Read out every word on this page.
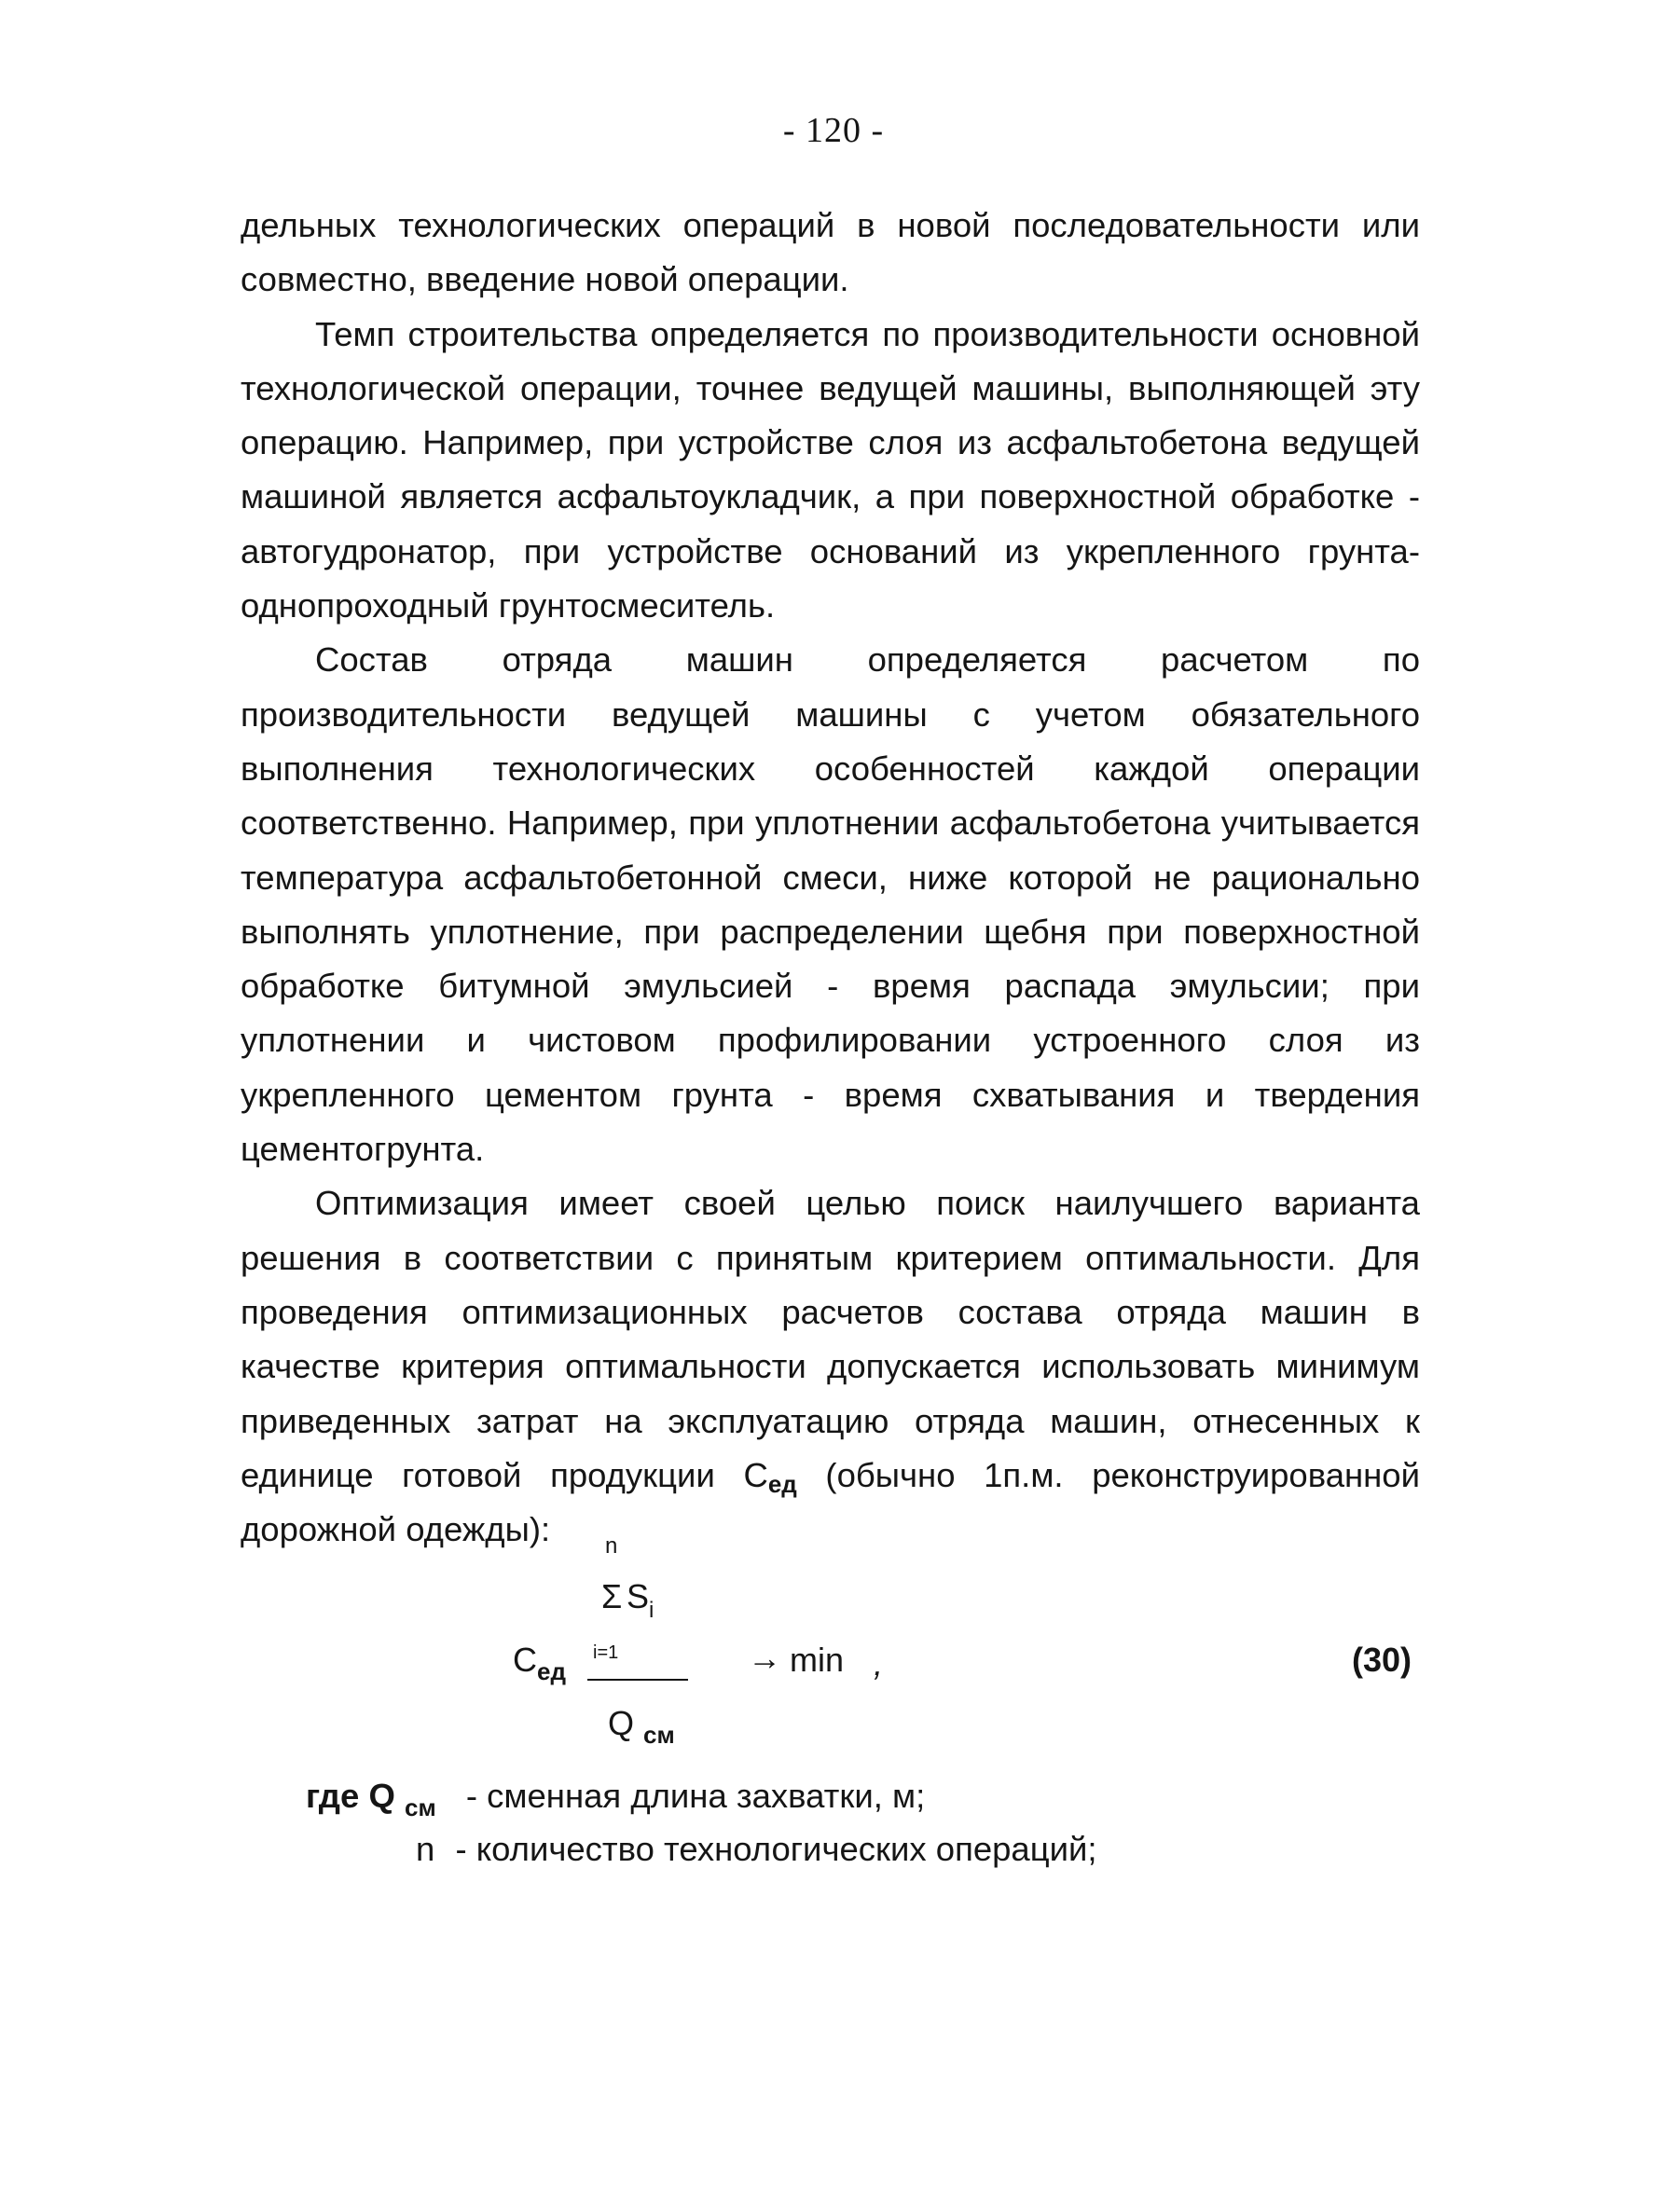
- 120 -

дельных технологических операций в новой последовательности или совместно, введение новой операции.

Темп строительства определяется по производительности основной технологической операции, точнее ведущей машины, выполняющей эту операцию. Например, при устройстве слоя из асфальтобетона ведущей машиной является асфальтоукладчик, а при поверхностной обработке - автогудронатор, при устройстве оснований из укрепленного грунта-однопроходный грунтосмеситель.

Состав отряда машин определяется расчетом по производительности ведущей машины с учетом обязательного выполнения технологических особенностей каждой операции соответственно. Например, при уплотнении асфальтобетона учитывается температура асфальтобетонной смеси, ниже которой не рационально выполнять уплотнение, при распределении щебня при поверхностной обработке битумной эмульсией - время распада эмульсии; при уплотнении и чистовом профилировании устроенного слоя из укрепленного цементом грунта - время схватывания и твердения цементогрунта.

Оптимизация имеет своей целью поиск наилучшего варианта решения в соответствии с принятым критерием оптимальности. Для проведения оптимизационных расчетов состава отряда машин в качестве критерия оптимальности допускается использовать минимум приведенных затрат на эксплуатацию отряда машин, отнесенных к единице готовой продукции $C_{ед}$ (обычно 1п.м. реконструированной дорожной одежды):	n
Σ $S_i$
i=1
$C_{ед}$
Q $_{см}$
→ min ,	(30)
где Q $_{см}$ - сменная длина захватки, м;
n - количество технологических операций;
